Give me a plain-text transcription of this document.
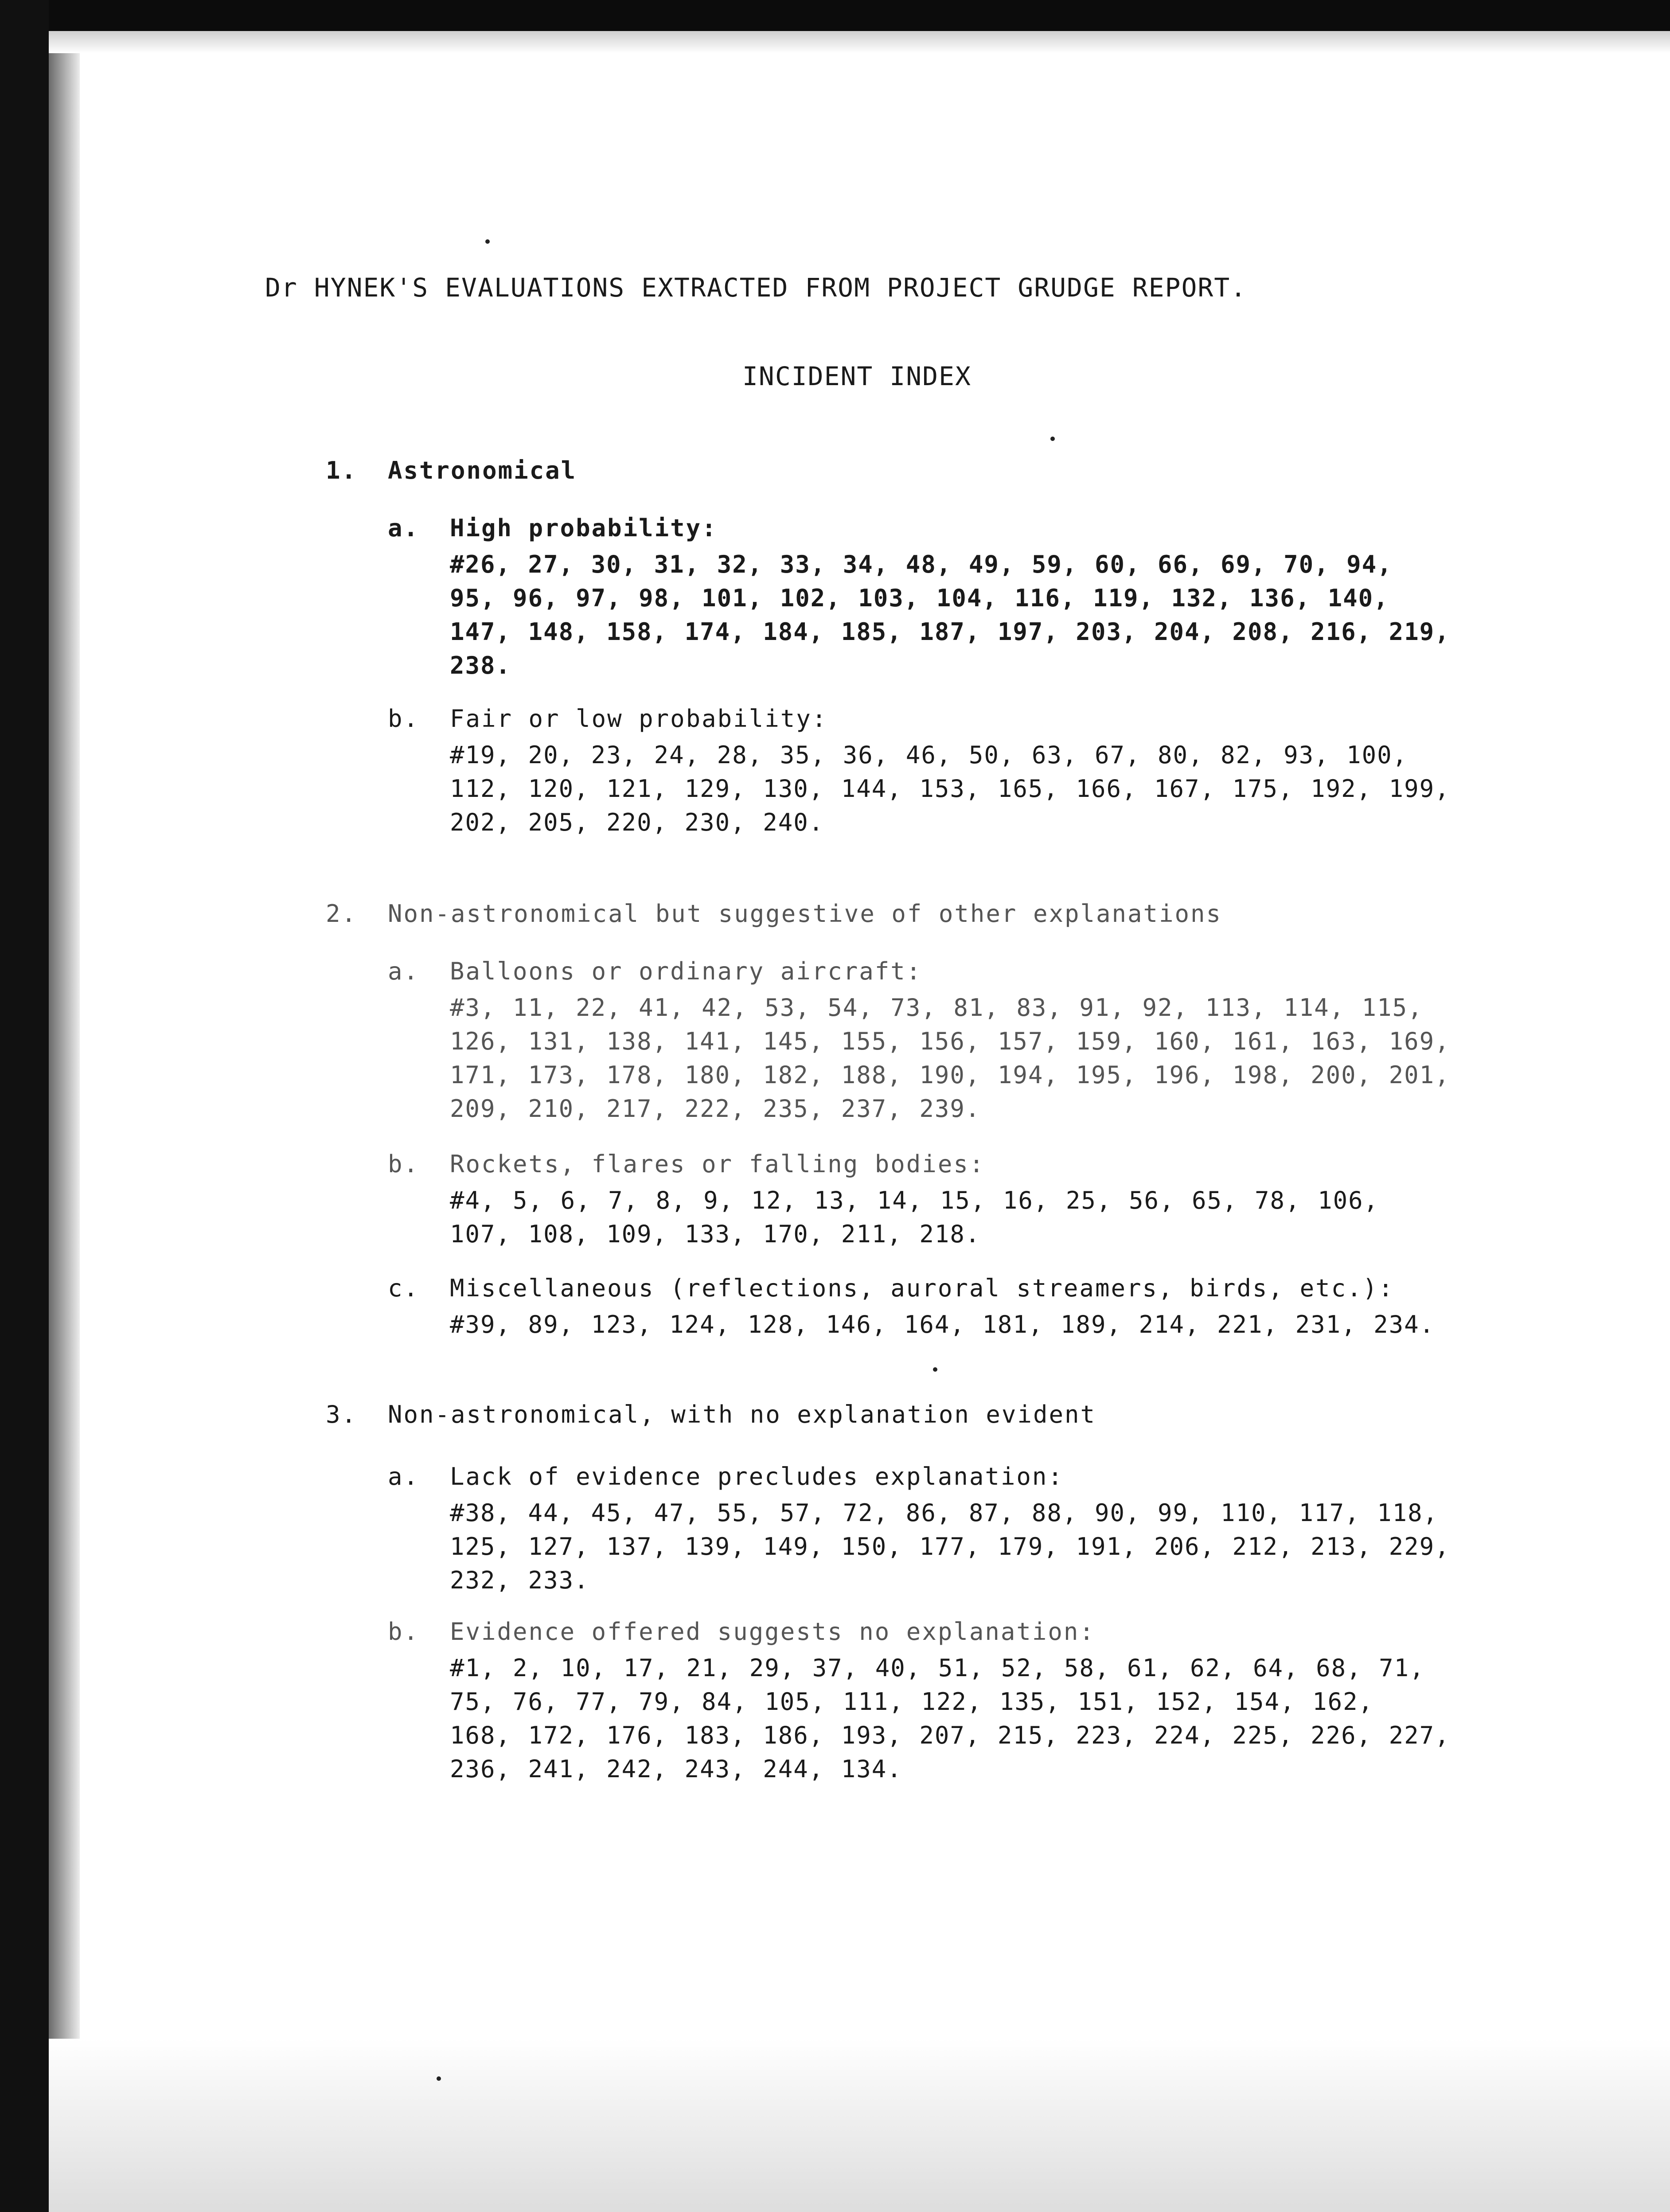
Dr HYNEK'S EVALUATIONS EXTRACTED FROM PROJECT GRUDGE REPORT.
INCIDENT INDEX
1. Astronomical
a. High probability:
#26, 27, 30, 31, 32, 33, 34, 48, 49, 59, 60, 66, 69, 70, 94, 95, 96, 97, 98, 101, 102, 103, 104, 116, 119, 132, 136, 140, 147, 148, 158, 174, 184, 185, 187, 197, 203, 204, 208, 216, 219, 238.
b. Fair or low probability:
#19, 20, 23, 24, 28, 35, 36, 46, 50, 63, 67, 80, 82, 93, 100, 112, 120, 121, 129, 130, 144, 153, 165, 166, 167, 175, 192, 199, 202, 205, 220, 230, 240.
2. Non-astronomical but suggestive of other explanations
a. Balloons or ordinary aircraft:
#3, 11, 22, 41, 42, 53, 54, 73, 81, 83, 91, 92, 113, 114, 115, 126, 131, 138, 141, 145, 155, 156, 157, 159, 160, 161, 163, 169, 171, 173, 178, 180, 182, 188, 190, 194, 195, 196, 198, 200, 201, 209, 210, 217, 222, 235, 237, 239.
b. Rockets, flares or falling bodies:
#4, 5, 6, 7, 8, 9, 12, 13, 14, 15, 16, 25, 56, 65, 78, 106, 107, 108, 109, 133, 170, 211, 218.
c. Miscellaneous (reflections, auroral streamers, birds, etc.):
#39, 89, 123, 124, 128, 146, 164, 181, 189, 214, 221, 231, 234.
3. Non-astronomical, with no explanation evident
a. Lack of evidence precludes explanation:
#38, 44, 45, 47, 55, 57, 72, 86, 87, 88, 90, 99, 110, 117, 118, 125, 127, 137, 139, 149, 150, 177, 179, 191, 206, 212, 213, 229, 232, 233.
b. Evidence offered suggests no explanation:
#1, 2, 10, 17, 21, 29, 37, 40, 51, 52, 58, 61, 62, 64, 68, 71, 75, 76, 77, 79, 84, 105, 111, 122, 135, 151, 152, 154, 162, 168, 172, 176, 183, 186, 193, 207, 215, 223, 224, 225, 226, 227, 236, 241, 242, 243, 244, 134.
